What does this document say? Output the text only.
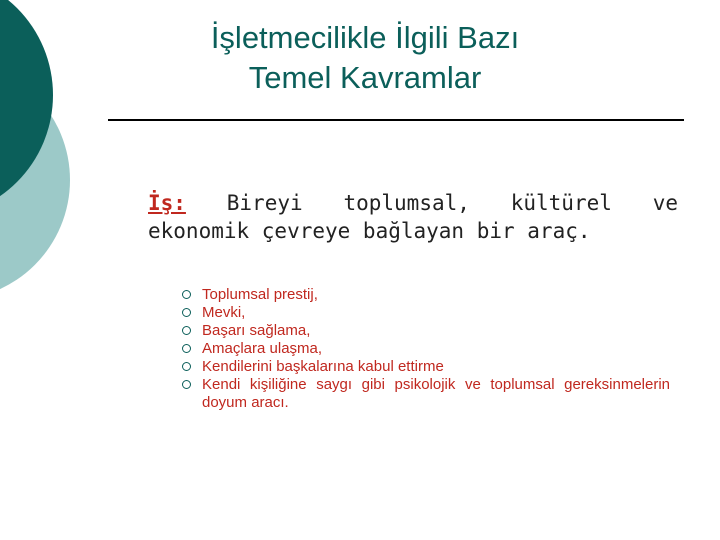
İşletmecilikle İlgili Bazı
Temel Kavramlar
İş: Bireyi toplumsal, kültürel ve ekonomik çevreye bağlayan bir araç.
Toplumsal prestij,
Mevki,
Başarı sağlama,
Amaçlara ulaşma,
Kendilerini başkalarına kabul ettirme
Kendi kişiliğine saygı gibi psikolojik ve toplumsal gereksinmelerin doyum aracı.
